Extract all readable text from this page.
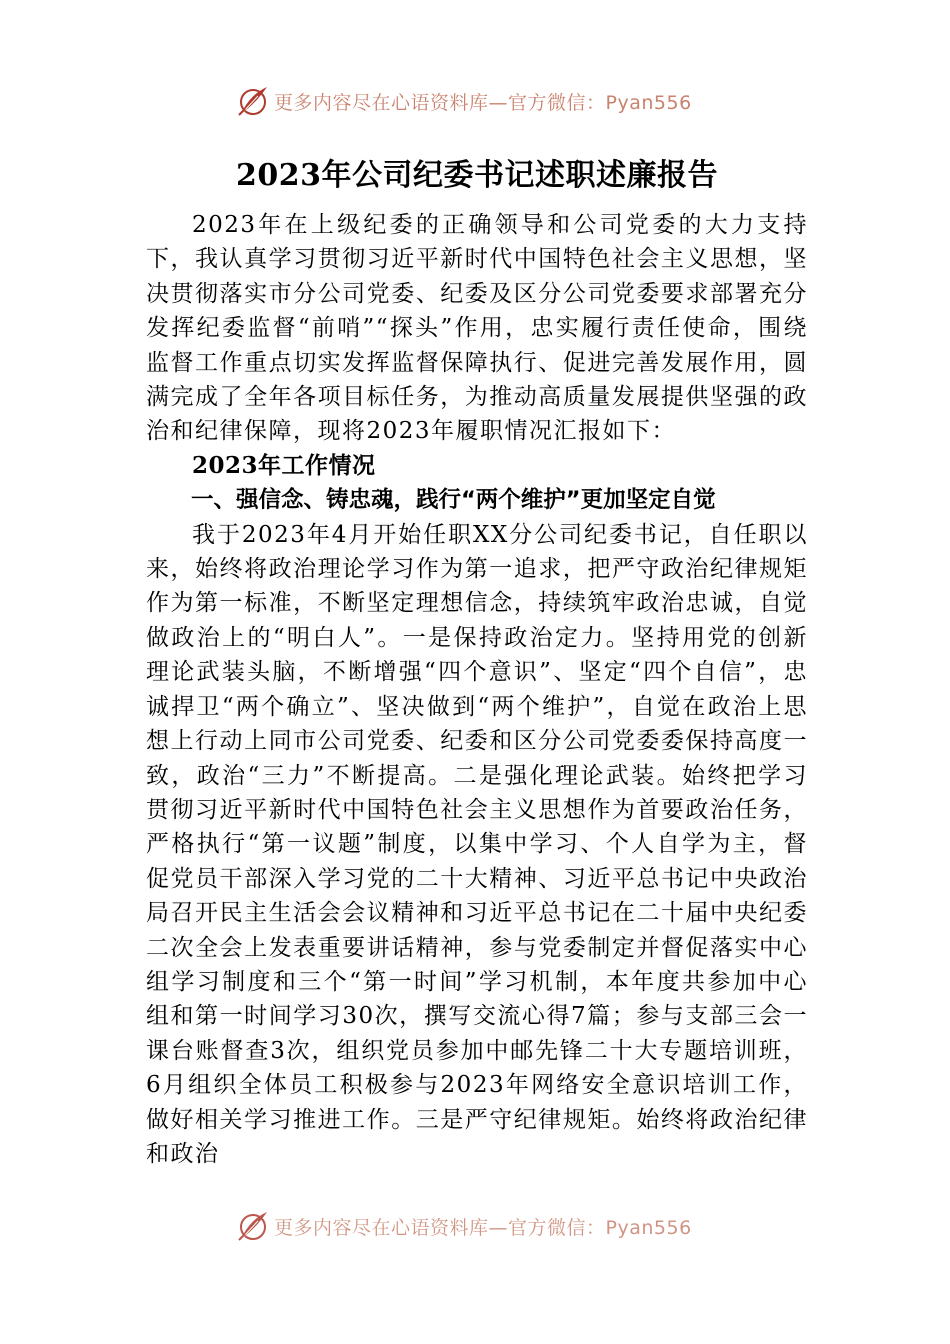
更多内容尽在心语资料库—官方微信：Pyan556
2023年公司纪委书记述职述廉报告

2023年在上级纪委的正确领导和公司党委的大力支持下，我认真学习贯彻习近平新时代中国特色社会主义思想，坚决贯彻落实市分公司党委、纪委及区分公司党委要求部署充分发挥纪委监督“前哨”“探头”作用，忠实履行责任使命，围绕监督工作重点切实发挥监督保障执行、促进完善发展作用，圆满完成了全年各项目标任务，为推动高质量发展提供坚强的政治和纪律保障，现将2023年履职情况汇报如下：

2023年工作情况

一、强信念、铸忠魂，践行“两个维护”更加坚定自觉

我于2023年4月开始任职XX分公司纪委书记，自任职以来，始终将政治理论学习作为第一追求，把严守政治纪律规矩作为第一标准，不断坚定理想信念，持续筑牢政治忠诚，自觉做政治上的“明白人”。一是保持政治定力。坚持用党的创新理论武装头脑，不断增强“四个意识”、坚定“四个自信”，忠诚捍卫“两个确立”、坚决做到“两个维护”，自觉在政治上思想上行动上同市公司党委、纪委和区分公司党委委保持高度一致，政治“三力”不断提高。二是强化理论武装。始终把学习贯彻习近平新时代中国特色社会主义思想作为首要政治任务，严格执行“第一议题”制度，以集中学习、个人自学为主，督促党员干部深入学习党的二十大精神、习近平总书记中央政治局召开民主生活会会议精神和习近平总书记在二十届中央纪委二次全会上发表重要讲话精神，参与党委制定并督促落实中心组学习制度和三个“第一时间”学习机制，本年度共参加中心组和第一时间学习30次，撰写交流心得7篇；参与支部三会一课台账督查3次，组织党员参加中邮先锋二十大专题培训班，6月组织全体员工积极参与2023年网络安全意识培训工作，做好相关学习推进工作。三是严守纪律规矩。始终将政治纪律和政治

更多内容尽在心语资料库—官方微信：Pyan556
